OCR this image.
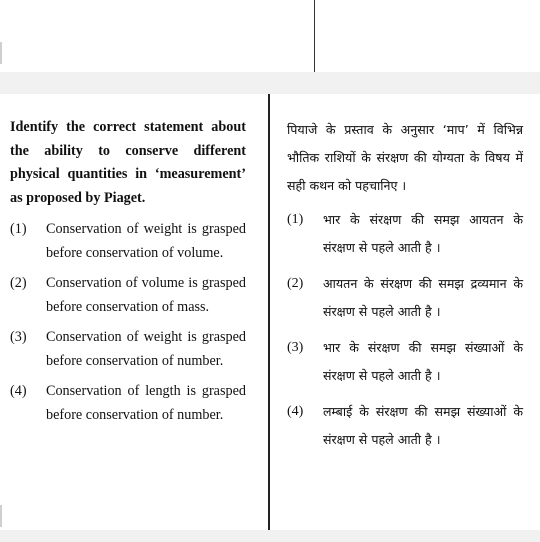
Identify the correct statement about the ability to conserve different physical quantities in ‘measurement’ as proposed by Piaget.

(1)	Conservation of weight is grasped before conservation of volume.
(2)	Conservation of volume is grasped before conservation of mass.
(3)	Conservation of weight is grasped before conservation of number.
(4)	Conservation of length is grasped before conservation of number.

पियाजे के प्रस्ताव के अनुसार ‘माप’ में विभिन्न भौतिक राशियों के संरक्षण की योग्यता के विषय में सही कथन को पहचानिए ।

(1)	भार के संरक्षण की समझ आयतन के संरक्षण से पहले आती है ।
(2)	आयतन के संरक्षण की समझ द्रव्यमान के संरक्षण से पहले आती है ।
(3)	भार के संरक्षण की समझ संख्याओं के संरक्षण से पहले आती है ।
(4)	लम्बाई के संरक्षण की समझ संख्याओं के संरक्षण से पहले आती है ।
